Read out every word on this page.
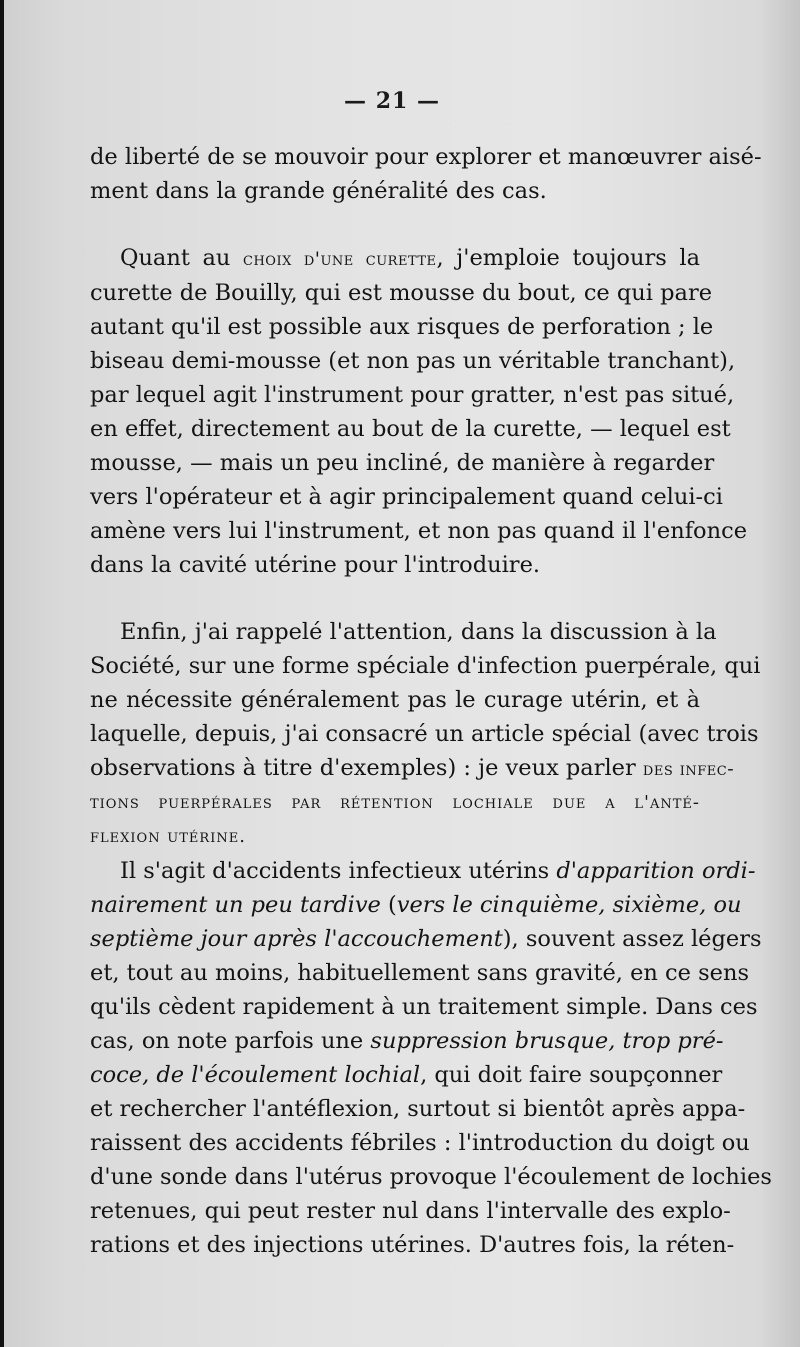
— 21 —
de liberté de se mouvoir pour explorer et manœuvrer aisé-
ment dans la grande généralité des cas.
Quant au choix d'une curette, j'emploie toujours la
curette de Bouilly, qui est mousse du bout, ce qui pare
autant qu'il est possible aux risques de perforation ; le
biseau demi-mousse (et non pas un véritable tranchant),
par lequel agit l'instrument pour gratter, n'est pas situé,
en effet, directement au bout de la curette, — lequel est
mousse, — mais un peu incliné, de manière à regarder
vers l'opérateur et à agir principalement quand celui-ci
amène vers lui l'instrument, et non pas quand il l'enfonce
dans la cavité utérine pour l'introduire.
Enfin, j'ai rappelé l'attention, dans la discussion à la
Société, sur une forme spéciale d'infection puerpérale, qui
ne nécessite généralement pas le curage utérin, et à
laquelle, depuis, j'ai consacré un article spécial (avec trois
observations à titre d'exemples) : je veux parler des infec-
tions puerpérales par rétention lochiale due a l'anté-
flexion utérine.
Il s'agit d'accidents infectieux utérins d'apparition ordi-
nairement un peu tardive (vers le cinquième, sixième, ou
septième jour après l'accouchement), souvent assez légers
et, tout au moins, habituellement sans gravité, en ce sens
qu'ils cèdent rapidement à un traitement simple. Dans ces
cas, on note parfois une suppression brusque, trop pré-
coce, de l'écoulement lochial, qui doit faire soupçonner
et rechercher l'antéflexion, surtout si bientôt après appa-
raissent des accidents fébriles : l'introduction du doigt ou
d'une sonde dans l'utérus provoque l'écoulement de lochies
retenues, qui peut rester nul dans l'intervalle des explo-
rations et des injections utérines. D'autres fois, la réten-
